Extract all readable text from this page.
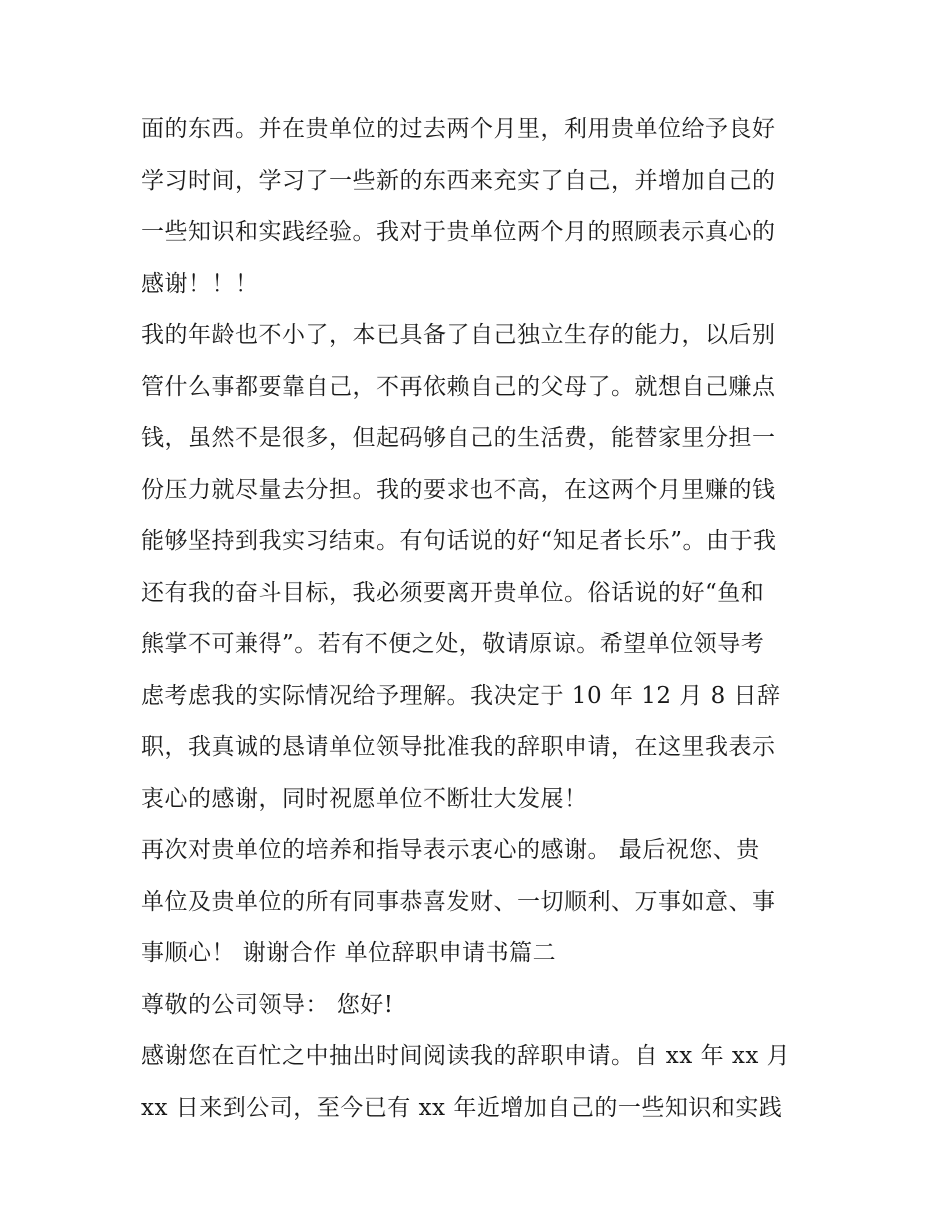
面的东西。并在贵单位的过去两个月里，利用贵单位给予良好
学习时间，学习了一些新的东西来充实了自己，并增加自己的
一些知识和实践经验。我对于贵单位两个月的照顾表示真心的
感谢！！！
我的年龄也不小了，本已具备了自己独立生存的能力，以后别
管什么事都要靠自己，不再依赖自己的父母了。就想自己赚点
钱，虽然不是很多，但起码够自己的生活费，能替家里分担一
份压力就尽量去分担。我的要求也不高，在这两个月里赚的钱
能够坚持到我实习结束。有句话说的好“知足者长乐”。由于我
还有我的奋斗目标，我必须要离开贵单位。俗话说的好“鱼和
熊掌不可兼得”。若有不便之处，敬请原谅。希望单位领导考
虑考虑我的实际情况给予理解。我决定于 10 年 12 月 8 日辞
职，我真诚的恳请单位领导批准我的辞职申请，在这里我表示
衷心的感谢，同时祝愿单位不断壮大发展！
再次对贵单位的培养和指导表示衷心的感谢。 最后祝您、贵
单位及贵单位的所有同事恭喜发财、一切顺利、万事如意、事
事顺心！ 谢谢合作 单位辞职申请书篇二
尊敬的公司领导： 您好!
感谢您在百忙之中抽出时间阅读我的辞职申请。自 xx 年 xx 月
xx 日来到公司，至今已有 xx 年近增加自己的一些知识和实践
